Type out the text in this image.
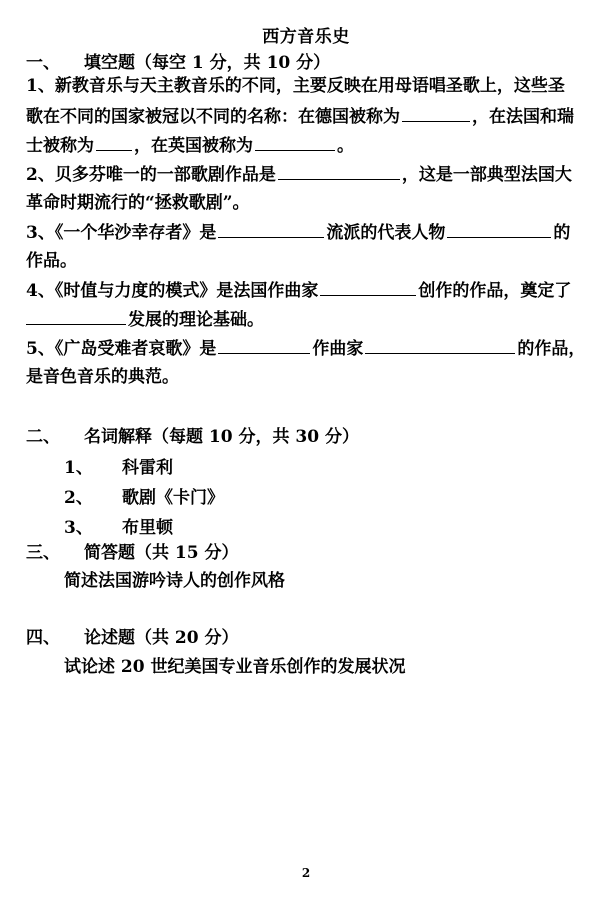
西方音乐史
一、 填空题（每空 1 分，共 10 分）
1、新教音乐与天主教音乐的不同，主要反映在用母语唱圣歌上，这些圣
歌在不同的国家被冠以不同的名称：在德国被称为	，在法国和瑞
士被称为 ，在英国被称为	。
2、贝多芬唯一的一部歌剧作品是	，这是一部典型法国大
革命时期流行的“拯救歌剧”。
3、《一个华沙幸存者》是	流派的代表人物	的
作品。
4、《时值与力度的模式》是法国作曲家	创作的作品，奠定了
发展的理论基础。
5、《广岛受难者哀歌》是	作曲家	的作品，
是音色音乐的典范。
二、 名词解释（每题 10 分，共 30 分）
1、 科雷利
2、 歌剧《卡门》
3、 布里顿
三、 简答题（共 15 分）
简述法国游吟诗人的创作风格
四、 论述题（共 20 分）
试论述 20 世纪美国专业音乐创作的发展状况
2
